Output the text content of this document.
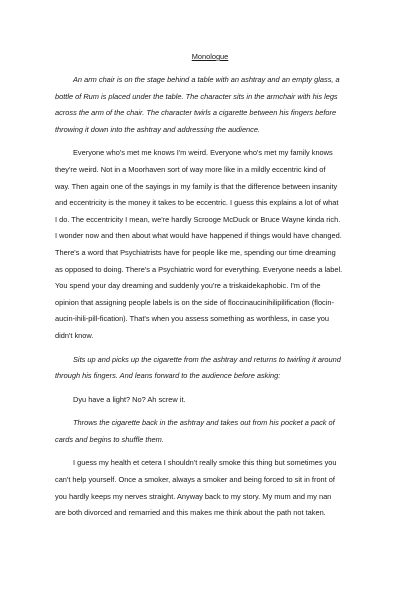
Monologue

An arm chair is on the stage behind a table with an ashtray and an empty glass, a
bottle of Rum is placed under the table. The character sits in the armchair with his legs
across the arm of the chair. The character twirls a cigarette between his fingers before
throwing it down into the ashtray and addressing the audience.

Everyone who's met me knows I'm weird. Everyone who's met my family knows
they're weird. Not in a Moorhaven sort of way more like in a mildly eccentric kind of
way. Then again one of the sayings in my family is that the difference between insanity
and eccentricity is the money it takes to be eccentric. I guess this explains a lot of what
I do. The eccentricity I mean, we're hardly Scrooge McDuck or Bruce Wayne kinda rich.
I wonder now and then about what would have happened if things would have changed.
There's a word that Psychiatrists have for people like me, spending our time dreaming
as opposed to doing. There's a Psychiatric word for everything. Everyone needs a label.
You spend your day dreaming and suddenly you're a triskaidekaphobic. I'm of the
opinion that assigning people labels is on the side of floccinaucinihilipilification (flocin-
aucin-ihili-pill-fication). That's when you assess something as worthless, in case you
didn't know.

Sits up and picks up the cigarette from the ashtray and returns to twirling it around
through his fingers. And leans forward to the audience before asking:

Dyu have a light? No? Ah screw it.

Throws the cigarette back in the ashtray and takes out from his pocket a pack of
cards and begins to shuffle them.

I guess my health et cetera I shouldn't really smoke this thing but sometimes you
can't help yourself. Once a smoker, always a smoker and being forced to sit in front of
you hardly keeps my nerves straight. Anyway back to my story. My mum and my nan
are both divorced and remarried and this makes me think about the path not taken.
